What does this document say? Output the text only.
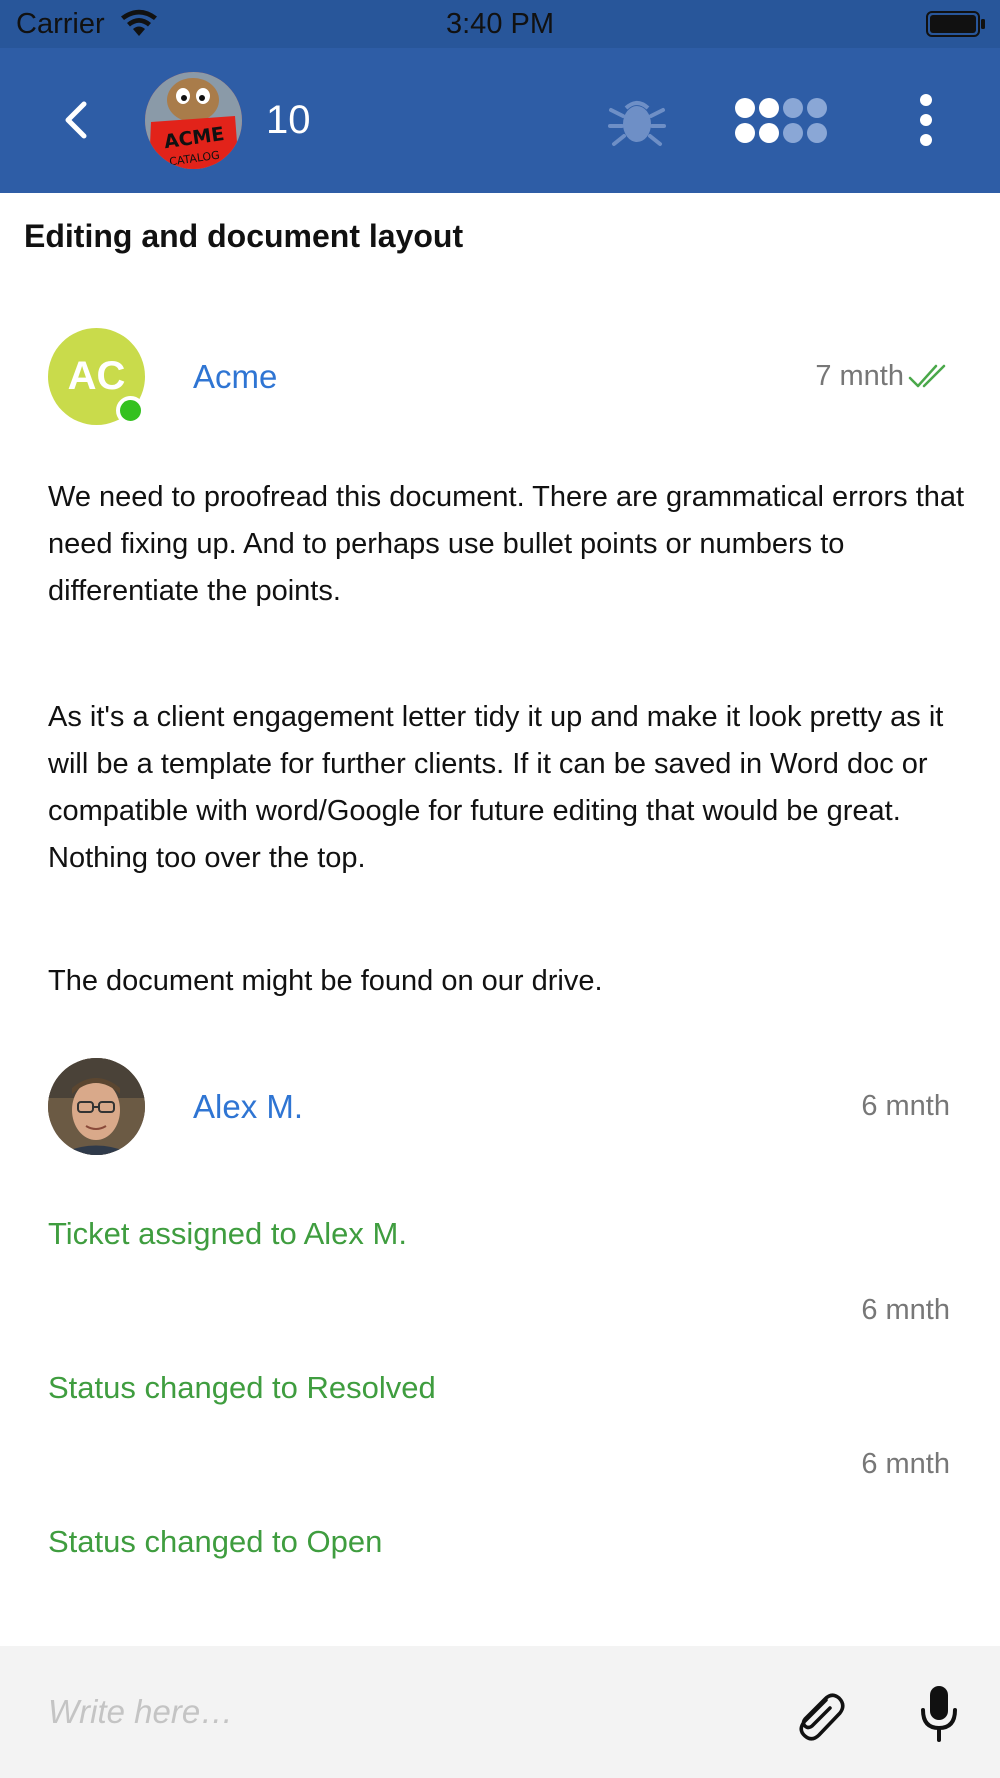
Carrier	3:40 PM
ACME
CATALOG
10
Editing and document layout
AC Acme	7 mnth

We need to proofread this document. There are grammatical errors that need fixing up. And to perhaps use bullet points or numbers to differentiate the points.

As it's a client engagement letter tidy it up and make it look pretty as it will be a template for further clients. If it can be saved in Word doc or compatible with word/Google for future editing that would be great. Nothing too over the top.

The document might be found on our drive.

Alex M.	6 mnth
Ticket assigned to Alex M.
6 mnth
Status changed to Resolved
6 mnth
Status changed to Open
Write here…
